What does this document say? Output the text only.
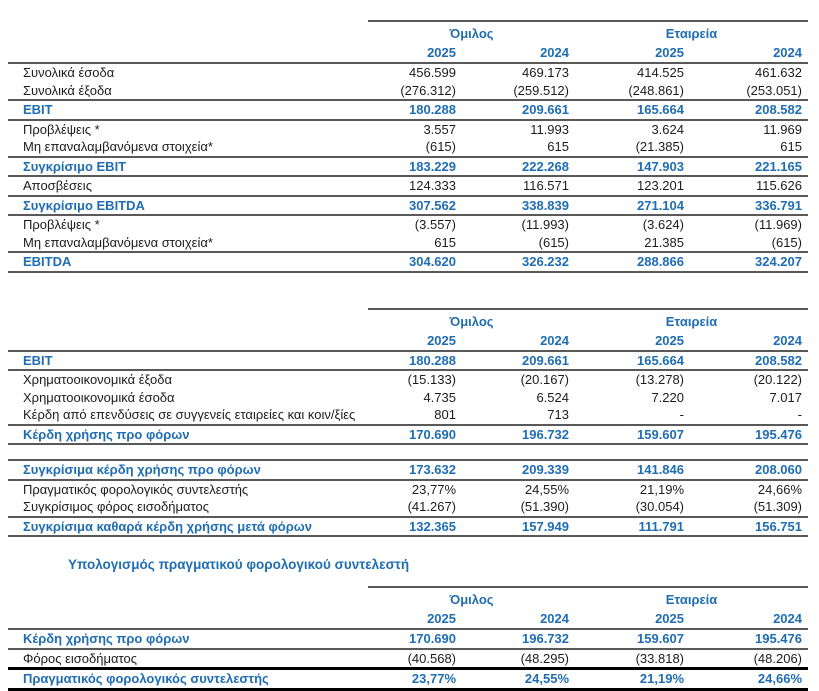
Όμιλος	Εταιρεία
2025	2024	2025	2024
Συνολικά έσοδα	456.599	469.173	414.525	461.632
Συνολικά έξοδα	(276.312)	(259.512)	(248.861)	(253.051)
EBIT	180.288	209.661	165.664	208.582
Προβλέψεις *	3.557	11.993	3.624	11.969
Μη επαναλαμβανόμενα στοιχεία*	(615)	615	(21.385)	615
Συγκρίσιμο EBIT	183.229	222.268	147.903	221.165
Αποσβέσεις	124.333	116.571	123.201	115.626
Συγκρίσιμο EBITDA	307.562	338.839	271.104	336.791
Προβλέψεις *	(3.557)	(11.993)	(3.624)	(11.969)
Μη επαναλαμβανόμενα στοιχεία*	615	(615)	21.385	(615)
EBITDA	304.620	326.232	288.866	324.207
Όμιλος	Εταιρεία
2025	2024	2025	2024
EBIT	180.288	209.661	165.664	208.582
Χρηματοοικονομικά έξοδα	(15.133)	(20.167)	(13.278)	(20.122)
Χρηματοοικονομικά έσοδα	4.735	6.524	7.220	7.017
Κέρδη από επενδύσεις σε συγγενείς εταιρείες και κοιν/ξίες	801	713	-	-
Κέρδη χρήσης προ φόρων	170.690	196.732	159.607	195.476
Συγκρίσιμα κέρδη χρήσης προ φόρων	173.632	209.339	141.846	208.060
Πραγματικός φορολογικός συντελεστής	23,77%	24,55%	21,19%	24,66%
Συγκρίσιμος φόρος εισοδήματος	(41.267)	(51.390)	(30.054)	(51.309)
Συγκρίσιμα καθαρά κέρδη χρήσης μετά φόρων	132.365	157.949	111.791	156.751
Υπολογισμός πραγματικού φορολογικού συντελεστή
Όμιλος	Εταιρεία
2025	2024	2025	2024
Κέρδη χρήσης προ φόρων	170.690	196.732	159.607	195.476
Φόρος εισοδήματος	(40.568)	(48.295)	(33.818)	(48.206)
Πραγματικός φορολογικός συντελεστής	23,77%	24,55%	21,19%	24,66%
